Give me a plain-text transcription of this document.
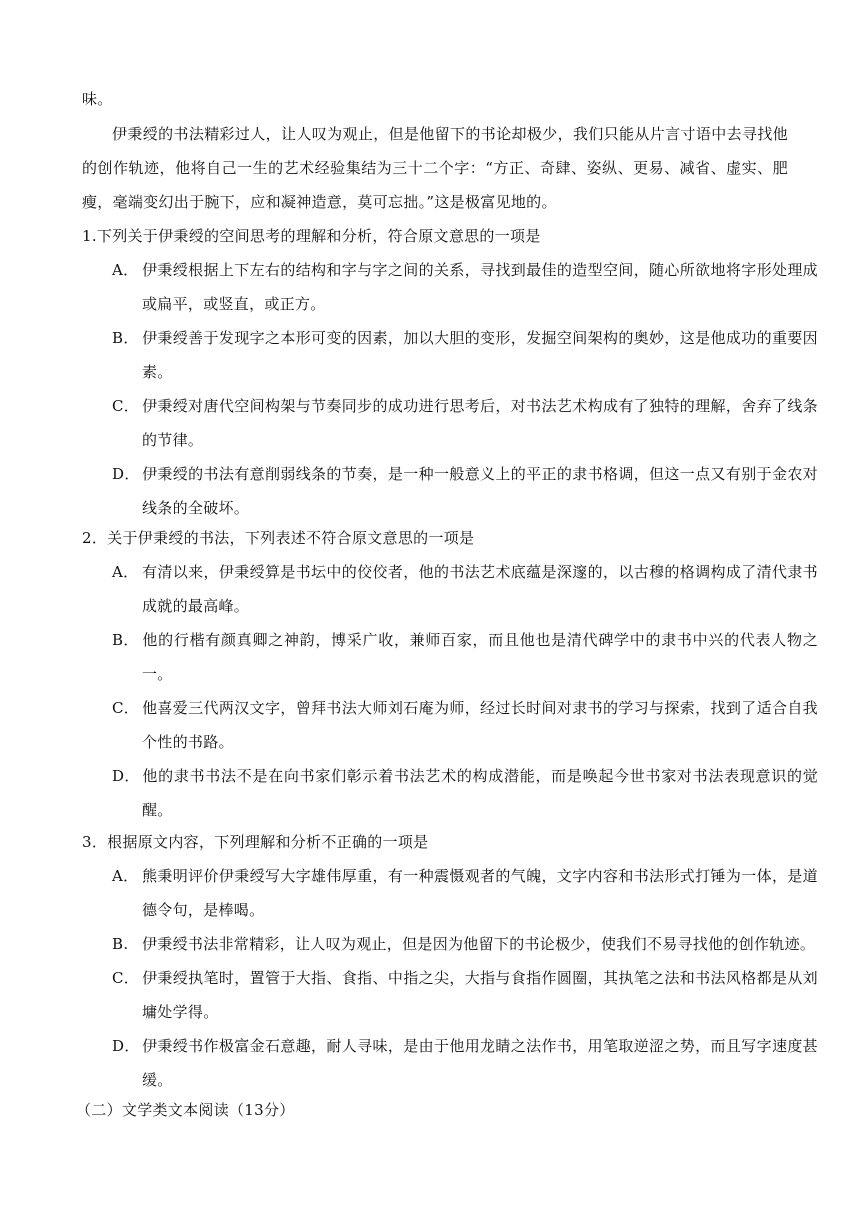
味。

伊秉绶的书法精彩过人，让人叹为观止，但是他留下的书论却极少，我们只能从片言寸语中去寻找他的创作轨迹，他将自己一生的艺术经验集结为三十二个字：“方正、奇肆、姿纵、更易、减省、虚实、肥瘦，毫端变幻出于腕下，应和凝神造意，莫可忘拙。”这是极富见地的。

1.下列关于伊秉绶的空间思考的理解和分析，符合原文意思的一项是

A． 伊秉绶根据上下左右的结构和字与字之间的关系，寻找到最佳的造型空间，随心所欲地将字形处理成或扁平，或竖直，或正方。

B． 伊秉绶善于发现字之本形可变的因素，加以大胆的变形，发掘空间架构的奥妙，这是他成功的重要因素。

C． 伊秉绶对唐代空间构架与节奏同步的成功进行思考后，对书法艺术构成有了独特的理解，舍弃了线条的节律。

D． 伊秉绶的书法有意削弱线条的节奏，是一种一般意义上的平正的隶书格调，但这一点又有别于金农对线条的全破坏。

2．关于伊秉绶的书法，下列表述不符合原文意思的一项是

A． 有清以来，伊秉绶算是书坛中的佼佼者，他的书法艺术底蕴是深邃的，以古穆的格调构成了清代隶书成就的最高峰。

B． 他的行楷有颜真卿之神韵，博采广收，兼师百家，而且他也是清代碑学中的隶书中兴的代表人物之一。

C． 他喜爱三代两汉文字，曾拜书法大师刘石庵为师，经过长时间对隶书的学习与探索，找到了适合自我个性的书路。

D． 他的隶书书法不是在向书家们彰示着书法艺术的构成潜能，而是唤起今世书家对书法表现意识的觉醒。

3．根据原文内容，下列理解和分析不正确的一项是

A． 熊秉明评价伊秉绶写大字雄伟厚重，有一种震慑观者的气魄，文字内容和书法形式打锤为一体，是道德令句，是棒喝。

B. 伊秉绶书法非常精彩，让人叹为观止，但是因为他留下的书论极少，使我们不易寻找他的创作轨迹。

C． 伊秉绶执笔时，置管于大指、食指、中指之尖，大指与食指作圆圈，其执笔之法和书法风格都是从刘墉处学得。

D． 伊秉绶书作极富金石意趣，耐人寻味，是由于他用龙睛之法作书，用笔取逆涩之势，而且写字速度甚缓。

（二）文学类文本阅读（13分）
